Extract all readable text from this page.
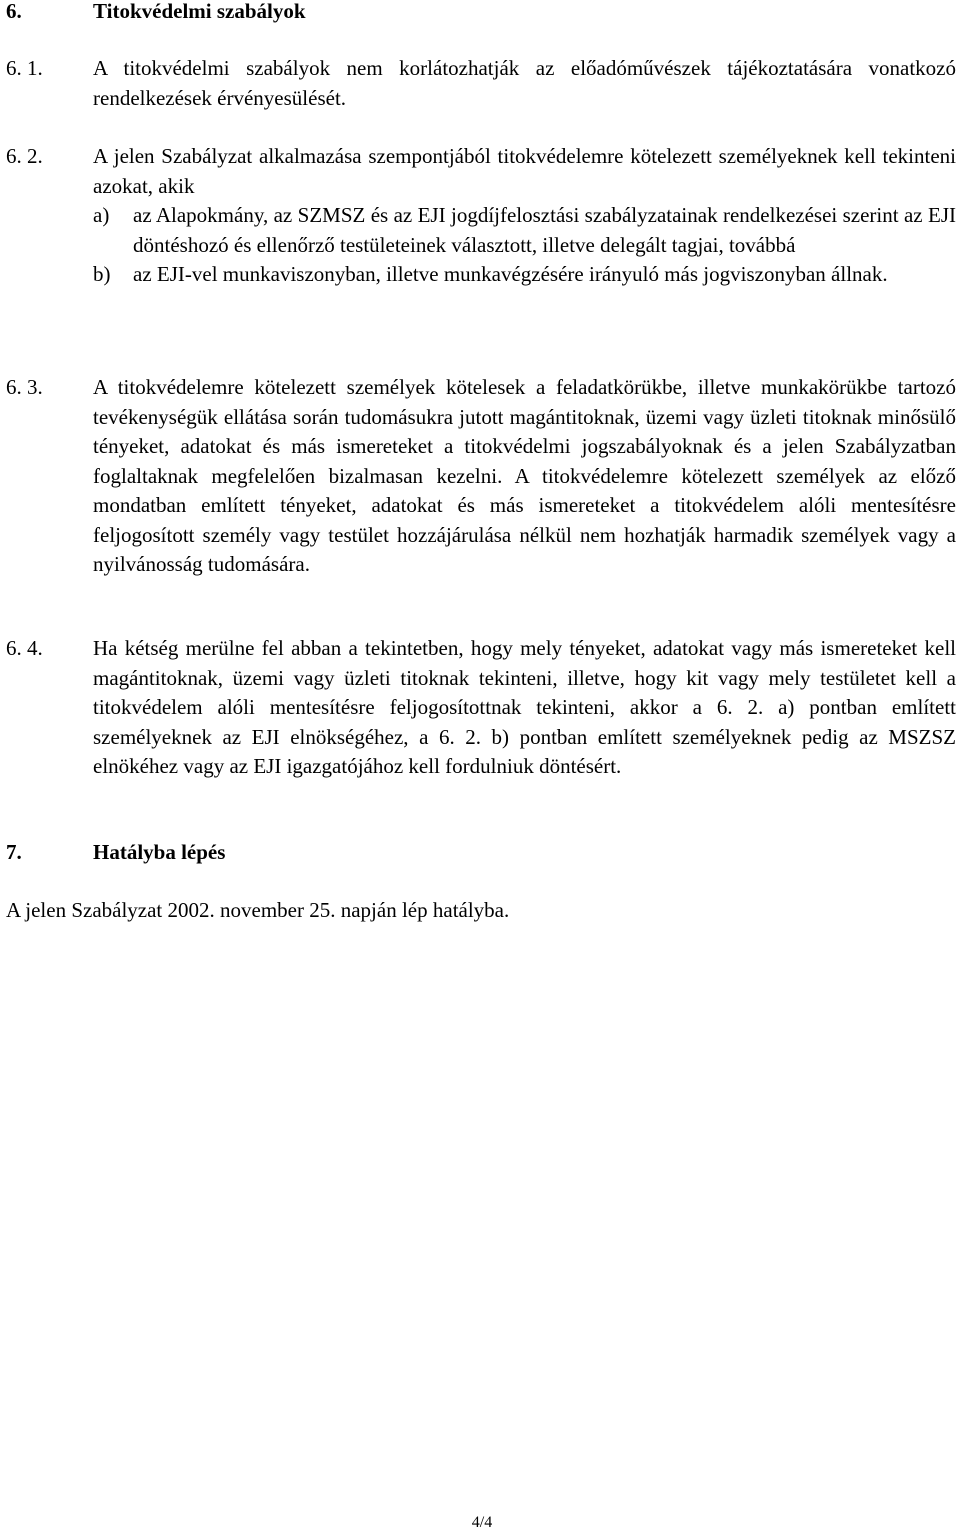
6.	Titokvédelmi szabályok
6. 1. A titokvédelmi szabályok nem korlátozhatják az előadóművészek tájékoztatására vonatkozó rendelkezések érvényesülését.
6. 2. A jelen Szabályzat alkalmazása szempontjából titokvédelemre kötelezett személyeknek kell tekinteni azokat, akik
a) az Alapokmány, az SZMSZ és az EJI jogdíjfelosztási szabályzatainak rendelkezései szerint az EJI döntéshozó és ellenőrző testületeinek választott, illetve delegált tagjai, továbbá
b) az EJI-vel munkaviszonyban, illetve munkavégzésére irányuló más jogviszonyban állnak.
6. 3. A titokvédelemre kötelezett személyek kötelesek a feladatkörükbe, illetve munkakörükbe tartozó tevékenységük ellátása során tudomásukra jutott magántitoknak, üzemi vagy üzleti titoknak minősülő tényeket, adatokat és más ismereteket a titokvédelmi jogszabályoknak és a jelen Szabályzatban foglaltaknak megfelelően bizalmasan kezelni. A titokvédelemre kötelezett személyek az előző mondatban említett tényeket, adatokat és más ismereteket a titokvédelem alóli mentesítésre feljogosított személy vagy testület hozzájárulása nélkül nem hozhatják harmadik személyek vagy a nyilvánosság tudomására.
6. 4. Ha kétség merülne fel abban a tekintetben, hogy mely tényeket, adatokat vagy más ismereteket kell magántitoknak, üzemi vagy üzleti titoknak tekinteni, illetve, hogy kit vagy mely testületet kell a titokvédelem alóli mentesítésre feljogosítottnak tekinteni, akkor a 6. 2. a) pontban említett személyeknek az EJI elnökségéhez, a 6. 2. b) pontban említett személyeknek pedig az MSZSZ elnökéhez vagy az EJI igazgatójához kell fordulniuk döntésért.
7.	Hatályba lépés
A jelen Szabályzat 2002. november 25. napján lép hatályba.
4/4
